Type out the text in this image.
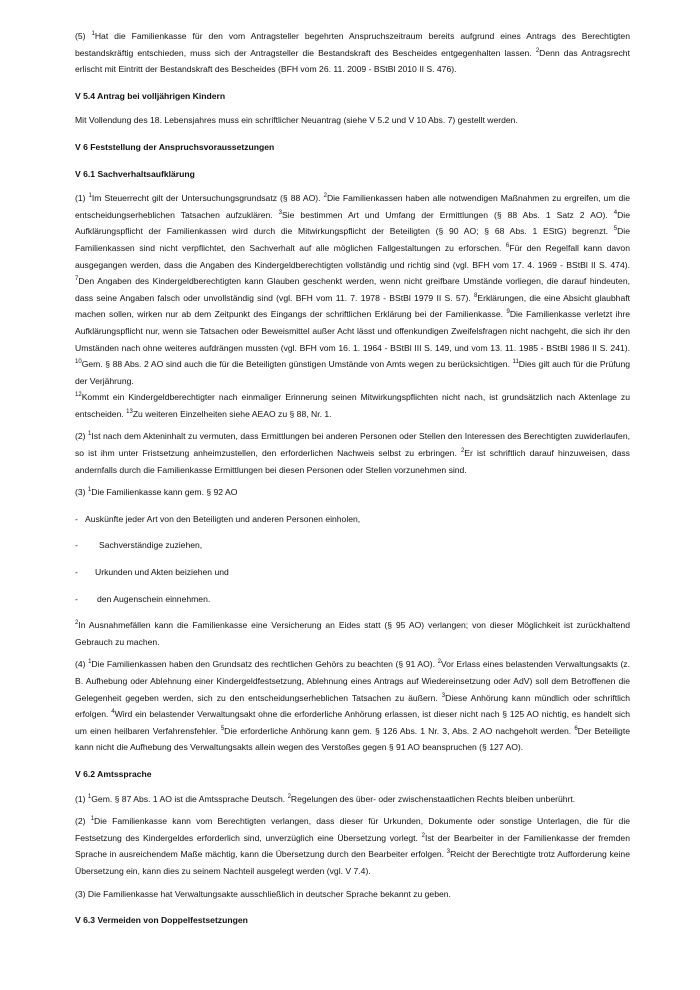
(5) $^1$Hat die Familienkasse für den vom Antragsteller begehrten Anspruchszeitraum bereits aufgrund eines Antrags des Berechtigten bestandskräftig entschieden, muss sich der Antragsteller die Bestandskraft des Bescheides entgegenhalten lassen. $^2$Denn das Antragsrecht erlischt mit Eintritt der Bestandskraft des Bescheides (BFH vom 26. 11. 2009 - BStBl 2010 II S. 476).

V 5.4 Antrag bei volljährigen Kindern

Mit Vollendung des 18. Lebensjahres muss ein schriftlicher Neuantrag (siehe V 5.2 und V 10 Abs. 7) gestellt werden.

V 6 Feststellung der Anspruchsvoraussetzungen
V 6.1 Sachverhaltsaufklärung

(1) $^1$Im Steuerrecht gilt der Untersuchungsgrundsatz (§ 88 AO). $^2$Die Familienkassen haben alle notwendigen Maßnahmen zu ergreifen, um die entscheidungserheblichen Tatsachen aufzuklären. $^3$Sie bestimmen Art und Umfang der Ermittlungen (§ 88 Abs. 1 Satz 2 AO). $^4$Die Aufklärungspflicht der Familienkassen wird durch die Mitwirkungspflicht der Beteiligten (§ 90 AO; § 68 Abs. 1 EStG) begrenzt. $^5$Die Familienkassen sind nicht verpflichtet, den Sachverhalt auf alle möglichen Fallgestaltungen zu erforschen. $^6$Für den Regelfall kann davon ausgegangen werden, dass die Angaben des Kindergeldberechtigten vollständig und richtig sind (vgl. BFH vom 17. 4. 1969 - BStBl II S. 474). $^7$Den Angaben des Kindergeldberechtigten kann Glauben geschenkt werden, wenn nicht greifbare Umstände vorliegen, die darauf hindeuten, dass seine Angaben falsch oder unvollständig sind (vgl. BFH vom 11. 7. 1978 - BStBl 1979 II S. 57). $^8$Erklärungen, die eine Absicht glaubhaft machen sollen, wirken nur ab dem Zeitpunkt des Eingangs der schriftlichen Erklärung bei der Familienkasse. $^9$Die Familienkasse verletzt ihre Aufklärungspflicht nur, wenn sie Tatsachen oder Beweismittel außer Acht lässt und offenkundigen Zweifelsfragen nicht nachgeht, die sich ihr den Umständen nach ohne weiteres aufdrängen mussten (vgl. BFH vom 16. 1. 1964 - BStBl III S. 149, und vom 13. 11. 1985 - BStBl 1986 II S. 241). $^{10}$Gem. § 88 Abs. 2 AO sind auch die für die Beteiligten günstigen Umstände von Amts wegen zu berücksichtigen. $^{11}$Dies gilt auch für die Prüfung der Verjährung.
$^{12}$Kommt ein Kindergeldberechtigter nach einmaliger Erinnerung seinen Mitwirkungspflichten nicht nach, ist grundsätzlich nach Aktenlage zu entscheiden. $^{13}$Zu weiteren Einzelheiten siehe AEAO zu § 88, Nr. 1.

(2) $^1$Ist nach dem Akteninhalt zu vermuten, dass Ermittlungen bei anderen Personen oder Stellen den Interessen des Berechtigten zuwiderlaufen, so ist ihm unter Fristsetzung anheimzustellen, den erforderlichen Nachweis selbst zu erbringen. $^2$Er ist schriftlich darauf hinzuweisen, dass andernfalls durch die Familienkasse Ermittlungen bei diesen Personen oder Stellen vorzunehmen sind.

(3) $^1$Die Familienkasse kann gem. § 92 AO

- Auskünfte jeder Art von den Beteiligten und anderen Personen einholen,
-	Sachverständige zuziehen,
-	Urkunden und Akten beiziehen und
-	den Augenschein einnehmen.

$^2$In Ausnahmefällen kann die Familienkasse eine Versicherung an Eides statt (§ 95 AO) verlangen; von dieser Möglichkeit ist zurückhaltend Gebrauch zu machen.

(4) $^1$Die Familienkassen haben den Grundsatz des rechtlichen Gehörs zu beachten (§ 91 AO). $^2$Vor Erlass eines belastenden Verwaltungsakts (z. B. Aufhebung oder Ablehnung einer Kindergeldfestsetzung, Ablehnung eines Antrags auf Wiedereinsetzung oder AdV) soll dem Betroffenen die Gelegenheit gegeben werden, sich zu den entscheidungserheblichen Tatsachen zu äußern. $^3$Diese Anhörung kann mündlich oder schriftlich erfolgen. $^4$Wird ein belastender Verwaltungsakt ohne die erforderliche Anhörung erlassen, ist dieser nicht nach § 125 AO nichtig, es handelt sich um einen heilbaren Verfahrensfehler. $^5$Die erforderliche Anhörung kann gem. § 126 Abs. 1 Nr. 3, Abs. 2 AO nachgeholt werden. $^6$Der Beteiligte kann nicht die Aufhebung des Verwaltungsakts allein wegen des Verstoßes gegen § 91 AO beanspruchen (§ 127 AO).

V 6.2 Amtssprache

(1) $^1$Gem. § 87 Abs. 1 AO ist die Amtssprache Deutsch. $^2$Regelungen des über- oder zwischenstaatlichen Rechts bleiben unberührt.

(2) $^1$Die Familienkasse kann vom Berechtigten verlangen, dass dieser für Urkunden, Dokumente oder sonstige Unterlagen, die für die Festsetzung des Kindergeldes erforderlich sind, unverzüglich eine Übersetzung vorlegt. $^2$Ist der Bearbeiter in der Familienkasse der fremden Sprache in ausreichendem Maße mächtig, kann die Übersetzung durch den Bearbeiter erfolgen. $^3$Reicht der Berechtigte trotz Aufforderung keine Übersetzung ein, kann dies zu seinem Nachteil ausgelegt werden (vgl. V 7.4).

(3) Die Familienkasse hat Verwaltungsakte ausschließlich in deutscher Sprache bekannt zu geben.

V 6.3 Vermeiden von Doppelfestsetzungen
